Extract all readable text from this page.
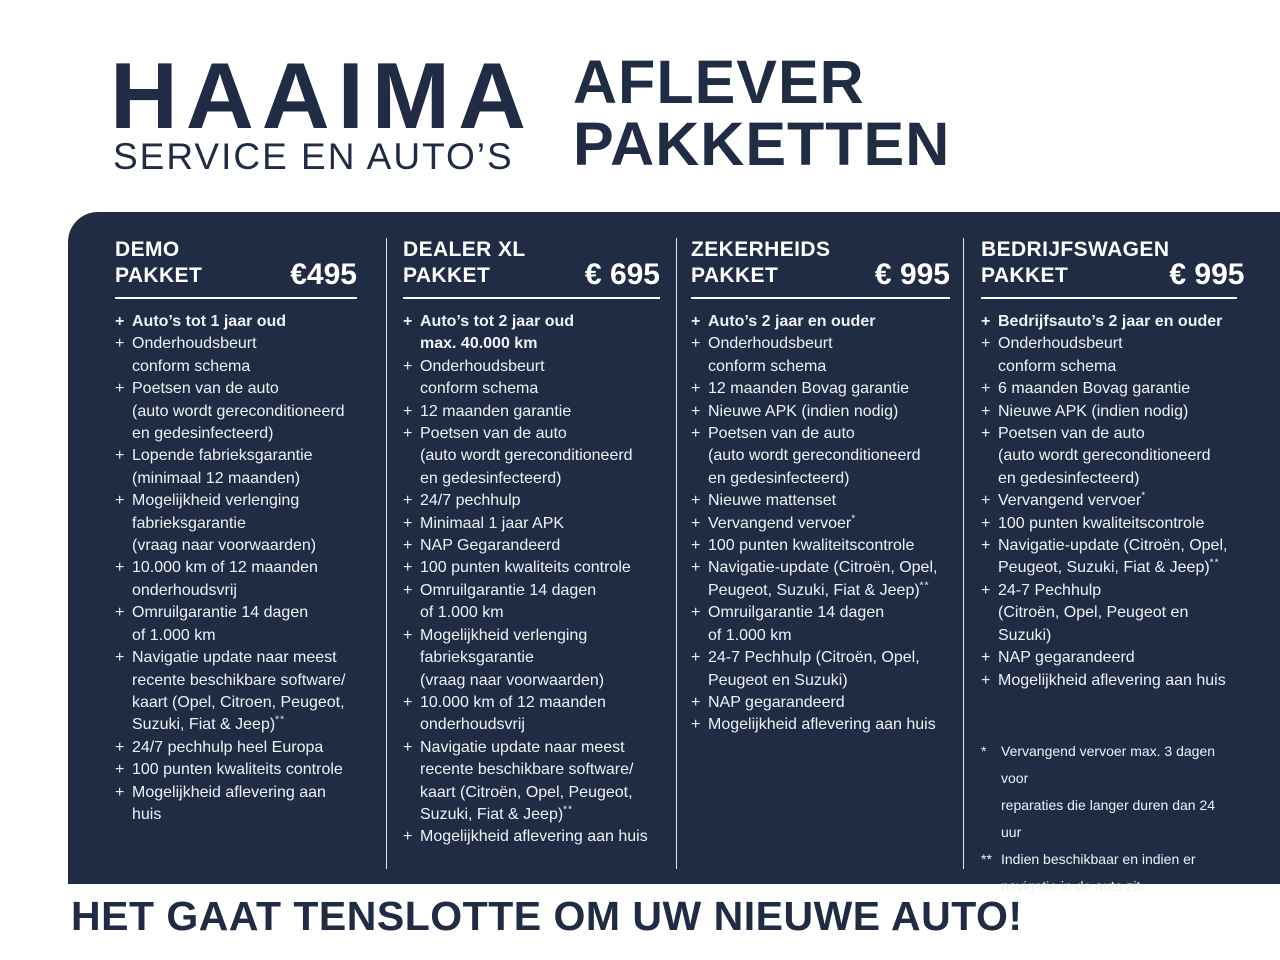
HAAIMA
SERVICE EN AUTO’S
AFLEVER
PAKKETTEN
DEMO
PAKKET	€495
+ Auto’s tot 1 jaar oud
+ Onderhoudsbeurt
conform schema
+ Poetsen van de auto
(auto wordt gereconditioneerd
en gedesinfecteerd)
+ Lopende fabrieksgarantie
(minimaal 12 maanden)
+ Mogelijkheid verlenging
fabrieksgarantie
(vraag naar voorwaarden)
+ 10.000 km of 12 maanden
onderhoudsvrij
+ Omruilgarantie 14 dagen
of 1.000 km
+ Navigatie update naar meest
recente beschikbare software/
kaart (Opel, Citroen, Peugeot,
Suzuki, Fiat & Jeep)**
+ 24/7 pechhulp heel Europa
+ 100 punten kwaliteits controle
+ Mogelijkheid aflevering aan huis
DEALER XL
PAKKET	€ 695
+ Auto’s tot 2 jaar oud
max. 40.000 km
+ Onderhoudsbeurt
conform schema
+ 12 maanden garantie
+ Poetsen van de auto
(auto wordt gereconditioneerd
en gedesinfecteerd)
+ 24/7 pechhulp
+ Minimaal 1 jaar APK
+ NAP Gegarandeerd
+ 100 punten kwaliteits controle
+ Omruilgarantie 14 dagen
of 1.000 km
+ Mogelijkheid verlenging
fabrieksgarantie
(vraag naar voorwaarden)
+ 10.000 km of 12 maanden
onderhoudsvrij
+ Navigatie update naar meest
recente beschikbare software/
kaart (Citroën, Opel, Peugeot,
Suzuki, Fiat & Jeep)**
+ Mogelijkheid aflevering aan huis
ZEKERHEIDS
PAKKET	€ 995
+ Auto’s 2 jaar en ouder
+ Onderhoudsbeurt
conform schema
+ 12 maanden Bovag garantie
+ Nieuwe APK (indien nodig)
+ Poetsen van de auto
(auto wordt gereconditioneerd
en gedesinfecteerd)
+ Nieuwe mattenset
+ Vervangend vervoer*
+ 100 punten kwaliteitscontrole
+ Navigatie-update (Citroën, Opel,
Peugeot, Suzuki, Fiat & Jeep)**
+ Omruilgarantie 14 dagen
of 1.000 km
+ 24-7 Pechhulp (Citroën, Opel,
Peugeot en Suzuki)
+ NAP gegarandeerd
+ Mogelijkheid aflevering aan huis
BEDRIJFSWAGEN
PAKKET	€ 995
+ Bedrijfsauto’s 2 jaar en ouder
+ Onderhoudsbeurt
conform schema
+ 6 maanden Bovag garantie
+ Nieuwe APK (indien nodig)
+ Poetsen van de auto
(auto wordt gereconditioneerd
en gedesinfecteerd)
+ Vervangend vervoer*
+ 100 punten kwaliteitscontrole
+ Navigatie-update (Citroën, Opel,
Peugeot, Suzuki, Fiat & Jeep)**
+ 24-7 Pechhulp
(Citroën, Opel, Peugeot en Suzuki)
+ NAP gegarandeerd
+ Mogelijkheid aflevering aan huis
* Vervangend vervoer max. 3 dagen voor
reparaties die langer duren dan 24 uur
** Indien beschikbaar en indien er
navigatie in de auto zit.
HET GAAT TENSLOTTE OM UW NIEUWE AUTO!
